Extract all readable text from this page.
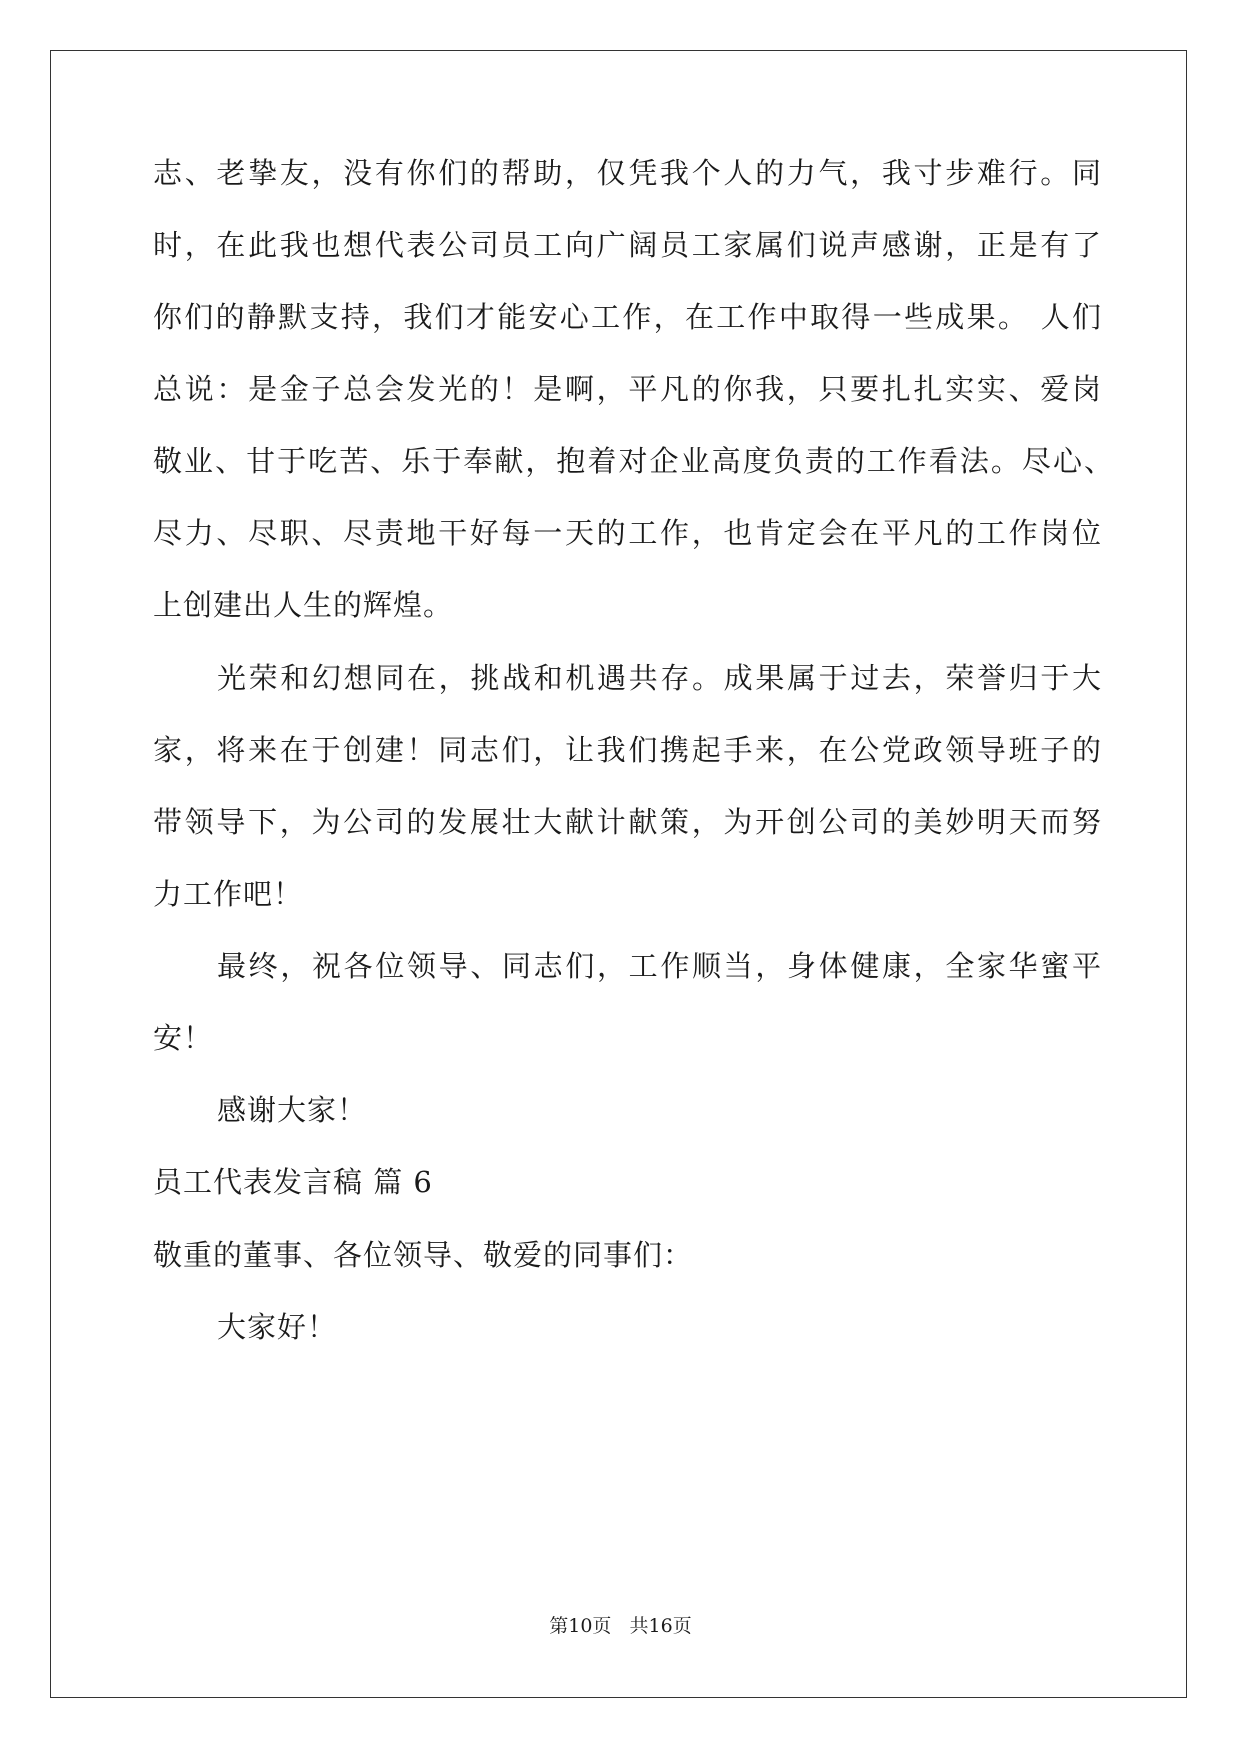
志、老挚友，没有你们的帮助，仅凭我个人的力气，我寸步难行。同
时，在此我也想代表公司员工向广阔员工家属们说声感谢，正是有了
你们的静默支持，我们才能安心工作，在工作中取得一些成果。 人们
总说：是金子总会发光的！是啊，平凡的你我，只要扎扎实实、爱岗
敬业、甘于吃苦、乐于奉献，抱着对企业高度负责的工作看法。尽心、
尽力、尽职、尽责地干好每一天的工作，也肯定会在平凡的工作岗位
上创建出人生的辉煌。
光荣和幻想同在，挑战和机遇共存。成果属于过去，荣誉归于大
家，将来在于创建！同志们，让我们携起手来，在公党政领导班子的
带领导下，为公司的发展壮大献计献策，为开创公司的美妙明天而努
力工作吧！
最终，祝各位领导、同志们，工作顺当，身体健康，全家华蜜平
安！
感谢大家！
员工代表发言稿 篇 6
敬重的董事、各位领导、敬爱的同事们：
大家好！
第10页   共16页
